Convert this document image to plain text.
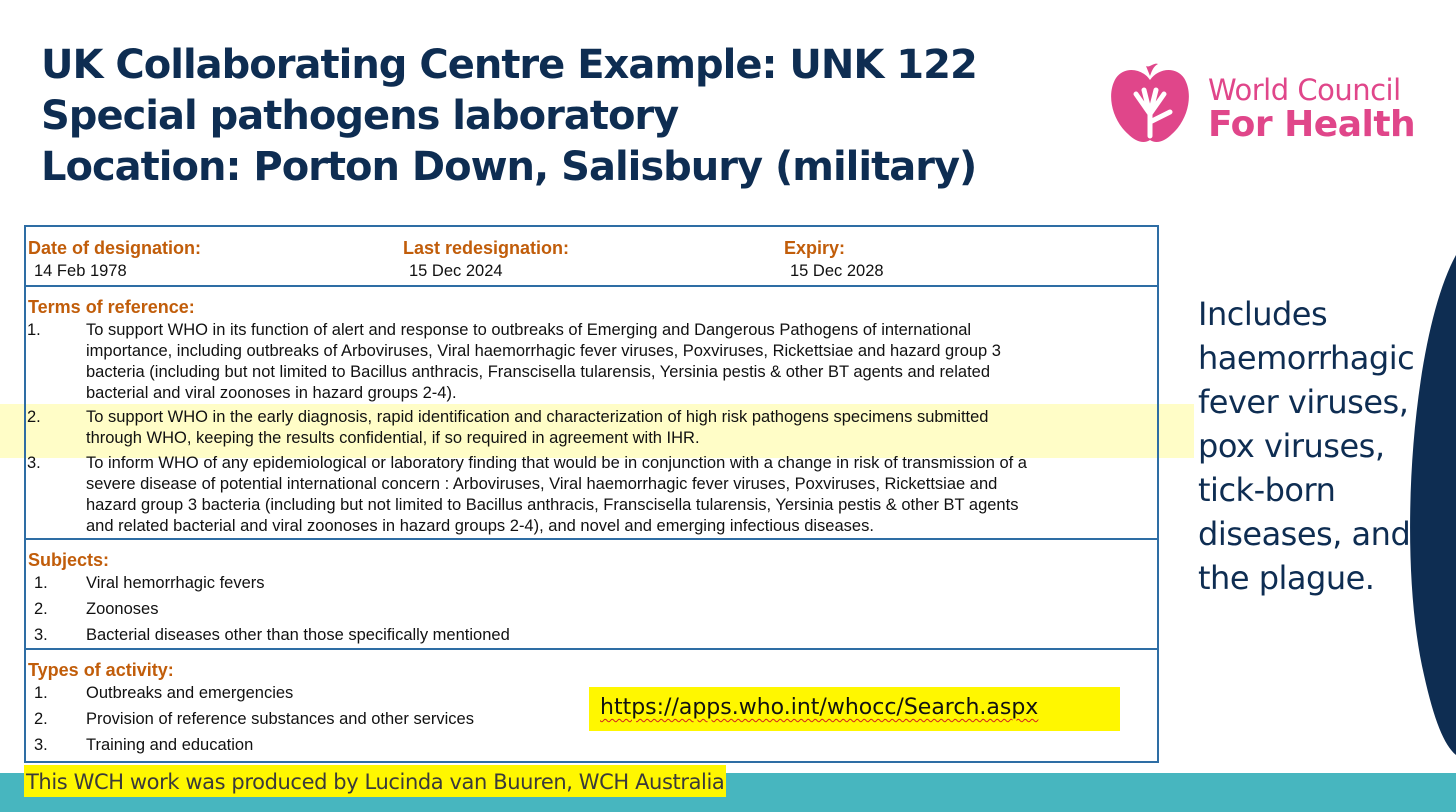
UK Collaborating Centre Example: UNK 122
Special pathogens laboratory
Location: Porton Down, Salisbury (military)
World Council
For Health
Date of designation:
14 Feb 1978
Last redesignation:
15 Dec 2024
Expiry:
15 Dec 2028
Terms of reference:
1.	To support WHO in its function of alert and response to outbreaks of Emerging and Dangerous Pathogens of international
importance, including outbreaks of Arboviruses, Viral haemorrhagic fever viruses, Poxviruses, Rickettsiae and hazard group 3
bacteria (including but not limited to Bacillus anthracis, Franscisella tularensis, Yersinia pestis & other BT agents and related
bacterial and viral zoonoses in hazard groups 2-4).
2.	To support WHO in the early diagnosis, rapid identification and characterization of high risk pathogens specimens submitted
through WHO, keeping the results confidential, if so required in agreement with IHR.
3.	To inform WHO of any epidemiological or laboratory finding that would be in conjunction with a change in risk of transmission of a
severe disease of potential international concern : Arboviruses, Viral haemorrhagic fever viruses, Poxviruses, Rickettsiae and
hazard group 3 bacteria (including but not limited to Bacillus anthracis, Franscisella tularensis, Yersinia pestis & other BT agents
and related bacterial and viral zoonoses in hazard groups 2-4), and novel and emerging infectious diseases.
Subjects:
1. Viral hemorrhagic fevers
2. Zoonoses
3. Bacterial diseases other than those specifically mentioned
Types of activity:
1. Outbreaks and emergencies
2. Provision of reference substances and other services
3. Training and education
https://apps.who.int/whocc/Search.aspx
Includes
haemorrhagic
fever viruses,
pox viruses,
tick-born
diseases, and
the plague.
This WCH work was produced by Lucinda van Buuren, WCH Australia
